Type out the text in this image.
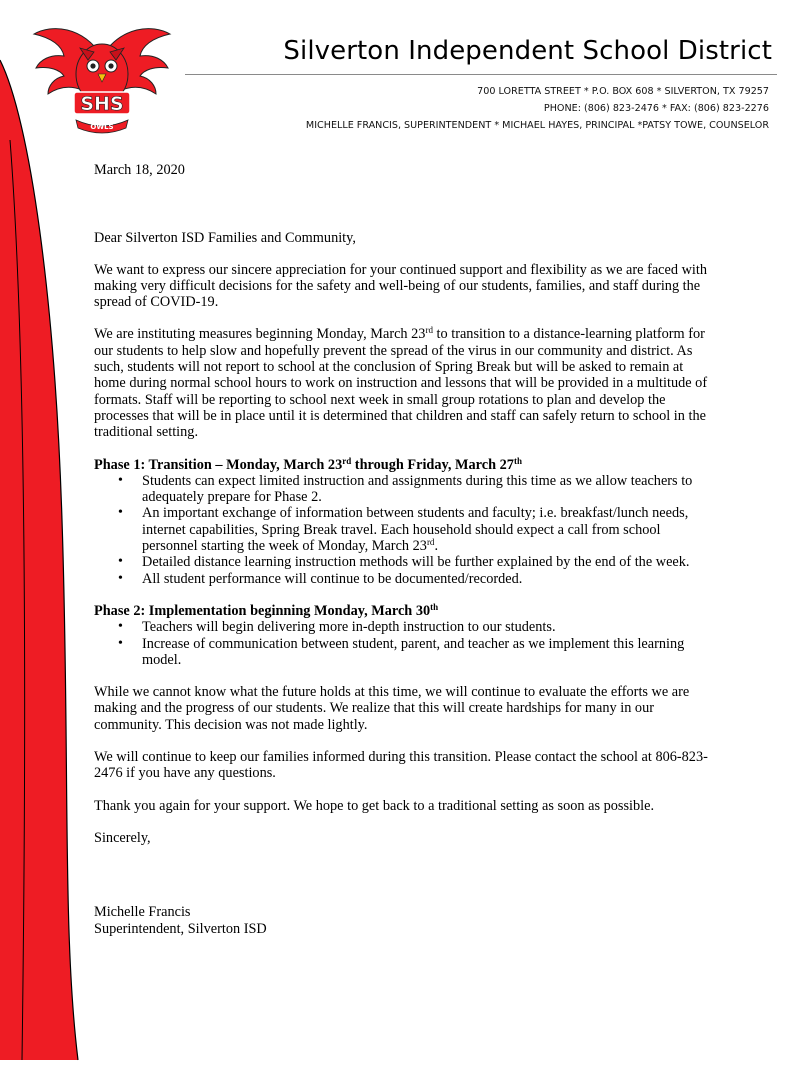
SHS
OWLS
Silverton Independent School District
700 LORETTA STREET * P.O. BOX 608 * SILVERTON, TX 79257
PHONE: (806) 823-2476 * FAX: (806) 823-2276
MICHELLE FRANCIS, SUPERINTENDENT * MICHAEL HAYES, PRINCIPAL *PATSY TOWE, COUNSELOR

March 18, 2020

Dear Silverton ISD Families and Community,

We want to express our sincere appreciation for your continued support and flexibility as we are faced with making very difficult decisions for the safety and well-being of our students, families, and staff during the spread of COVID-19.

We are instituting measures beginning Monday, March 23rd to transition to a distance-learning platform for our students to help slow and hopefully prevent the spread of the virus in our community and district. As such, students will not report to school at the conclusion of Spring Break but will be asked to remain at home during normal school hours to work on instruction and lessons that will be provided in a multitude of formats. Staff will be reporting to school next week in small group rotations to plan and develop the processes that will be in place until it is determined that children and staff can safely return to school in the traditional setting.

Phase 1: Transition – Monday, March 23rd through Friday, March 27th

• Students can expect limited instruction and assignments during this time as we allow teachers to adequately prepare for Phase 2.
• An important exchange of information between students and faculty; i.e. breakfast/lunch needs, internet capabilities, Spring Break travel. Each household should expect a call from school personnel starting the week of Monday, March 23rd.
• Detailed distance learning instruction methods will be further explained by the end of the week.
• All student performance will continue to be documented/recorded.

Phase 2: Implementation beginning Monday, March 30th

• Teachers will begin delivering more in-depth instruction to our students.
• Increase of communication between student, parent, and teacher as we implement this learning model.

While we cannot know what the future holds at this time, we will continue to evaluate the efforts we are making and the progress of our students. We realize that this will create hardships for many in our community. This decision was not made lightly.

We will continue to keep our families informed during this transition. Please contact the school at 806-823-2476 if you have any questions.

Thank you again for your support. We hope to get back to a traditional setting as soon as possible.

Sincerely,

Michelle Francis

Superintendent, Silverton ISD
